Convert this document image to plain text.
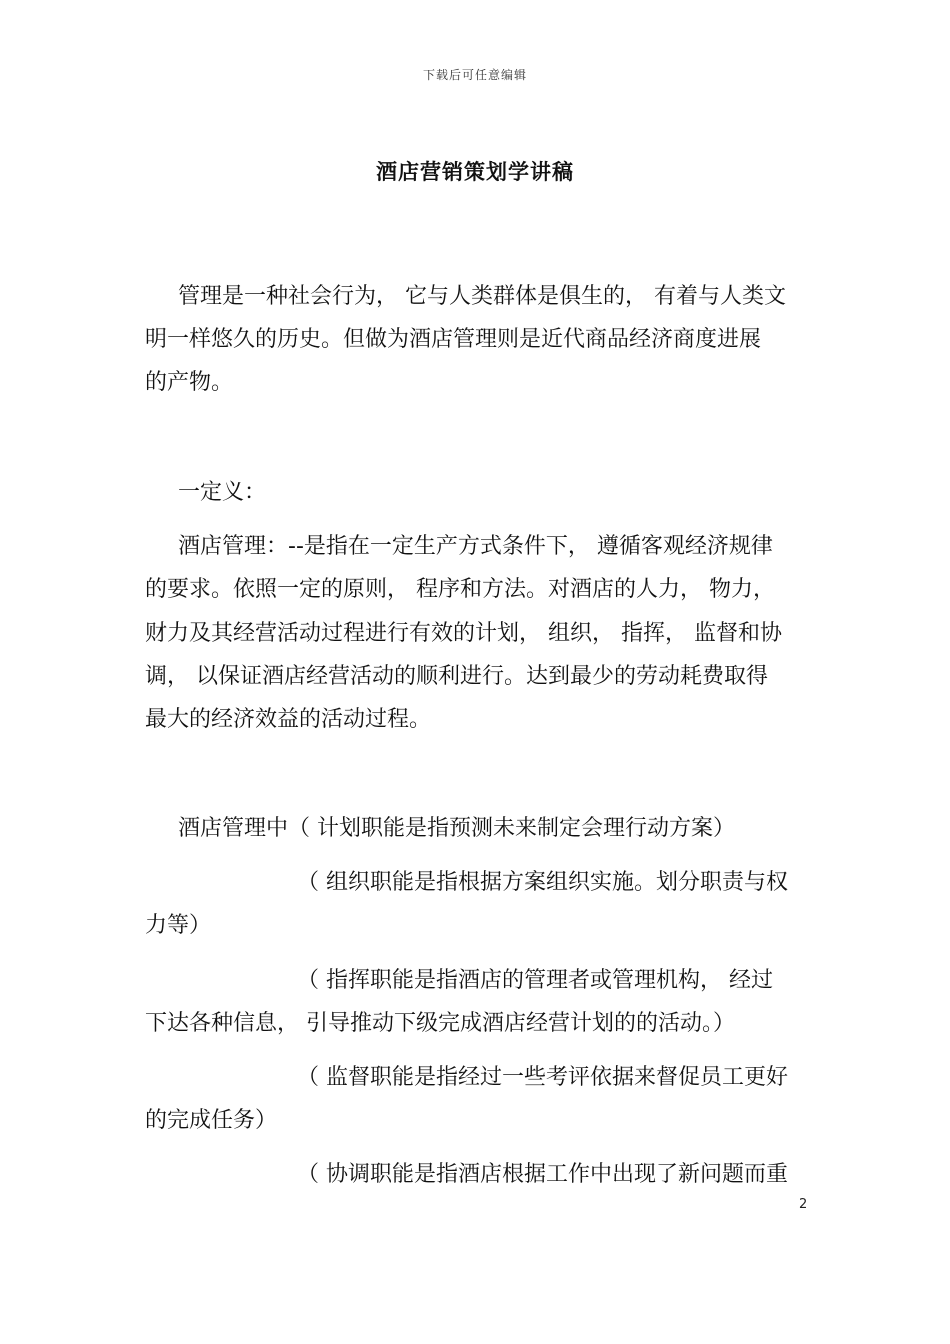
下载后可任意编辑
酒店营销策划学讲稿
管理是一种社会行为， 它与人类群体是俱生的， 有着与人类文
明一样悠久的历史。但做为酒店管理则是近代商品经济商度进展
的产物。
一定义：
酒店管理：--是指在一定生产方式条件下， 遵循客观经济规律
的要求。依照一定的原则， 程序和方法。对酒店的人力， 物力，
财力及其经营活动过程进行有效的计划， 组织， 指挥， 监督和协
调， 以保证酒店经营活动的顺利进行。达到最少的劳动耗费取得
最大的经济效益的活动过程。
酒店管理中（ 计划职能是指预测未来制定会理行动方案）
（ 组织职能是指根据方案组织实施。划分职责与权
力等）
（ 指挥职能是指酒店的管理者或管理机构， 经过
下达各种信息， 引导推动下级完成酒店经营计划的的活动。）
（ 监督职能是指经过一些考评依据来督促员工更好
的完成任务）
（ 协调职能是指酒店根据工作中出现了新问题而重
2
